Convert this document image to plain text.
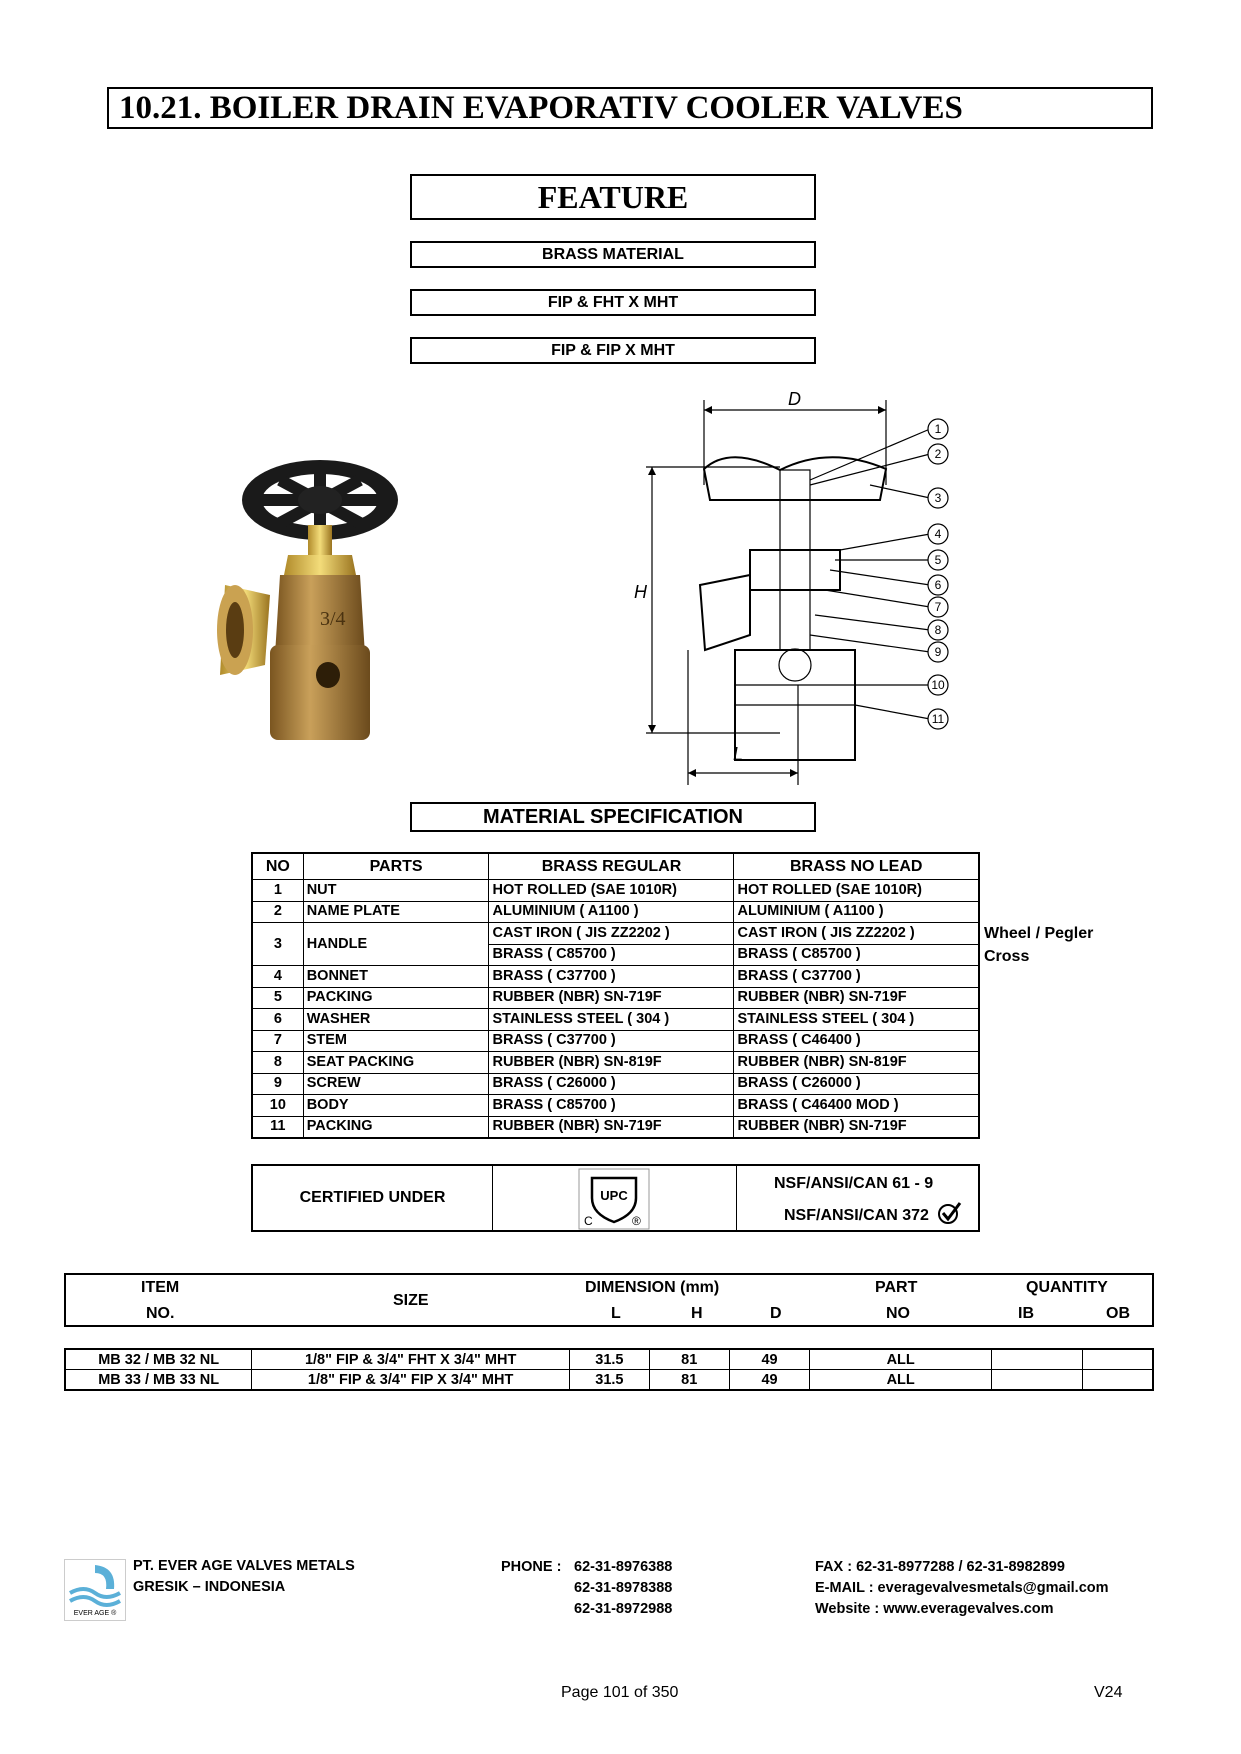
10.21. BOILER DRAIN EVAPORATIV COOLER VALVES
FEATURE
BRASS MATERIAL
FIP & FHT X MHT
FIP & FIP X MHT
3/4
D
H
L
1
2
3
4
5
6
7
8
9
10
11
MATERIAL SPECIFICATION
NO	PARTS	BRASS REGULAR	BRASS NO LEAD
1	NUT	HOT ROLLED (SAE 1010R)	HOT ROLLED (SAE 1010R)
2	NAME PLATE	ALUMINIUM ( A1100 )	ALUMINIUM ( A1100 )
3	HANDLE	CAST IRON ( JIS ZZ2202 )	CAST IRON ( JIS ZZ2202 )
		BRASS ( C85700 )	BRASS ( C85700 )
4	BONNET	BRASS ( C37700 )	BRASS ( C37700 )
5	PACKING	RUBBER (NBR) SN-719F	RUBBER (NBR) SN-719F
6	WASHER	STAINLESS STEEL ( 304 )	STAINLESS STEEL ( 304 )
7	STEM	BRASS ( C37700 )	BRASS ( C46400 )
8	SEAT PACKING	RUBBER (NBR) SN-819F	RUBBER (NBR) SN-819F
9	SCREW	BRASS ( C26000 )	BRASS ( C26000 )
10	BODY	BRASS ( C85700 )	BRASS ( C46400 MOD )
11	PACKING	RUBBER (NBR) SN-719F	RUBBER (NBR) SN-719F
Wheel / Pegler
Cross
CERTIFIED UNDER	UPC
C	®
NSF/ANSI/CAN 61 - 9
NSF/ANSI/CAN 372
ITEM
NO.
SIZE
DIMENSION (mm)
L	H	D
PART
NO
QUANTITY
IB	OB
MB 32 / MB 32 NL	1/8" FIP & 3/4" FHT X 3/4" MHT	31.5	81	49	ALL		
MB 33 / MB 33 NL	1/8" FIP & 3/4" FIP X 3/4" MHT	31.5	81	49	ALL		
EVER AGE ®
PT. EVER AGE VALVES METALS
GRESIK – INDONESIA
PHONE : 62-31-8976388
62-31-8978388
62-31-8972988
FAX : 62-31-8977288 / 62-31-8982899
E-MAIL : everagevalvesmetals@gmail.com
Website : www.everagevalves.com
Page 101 of 350	V24
